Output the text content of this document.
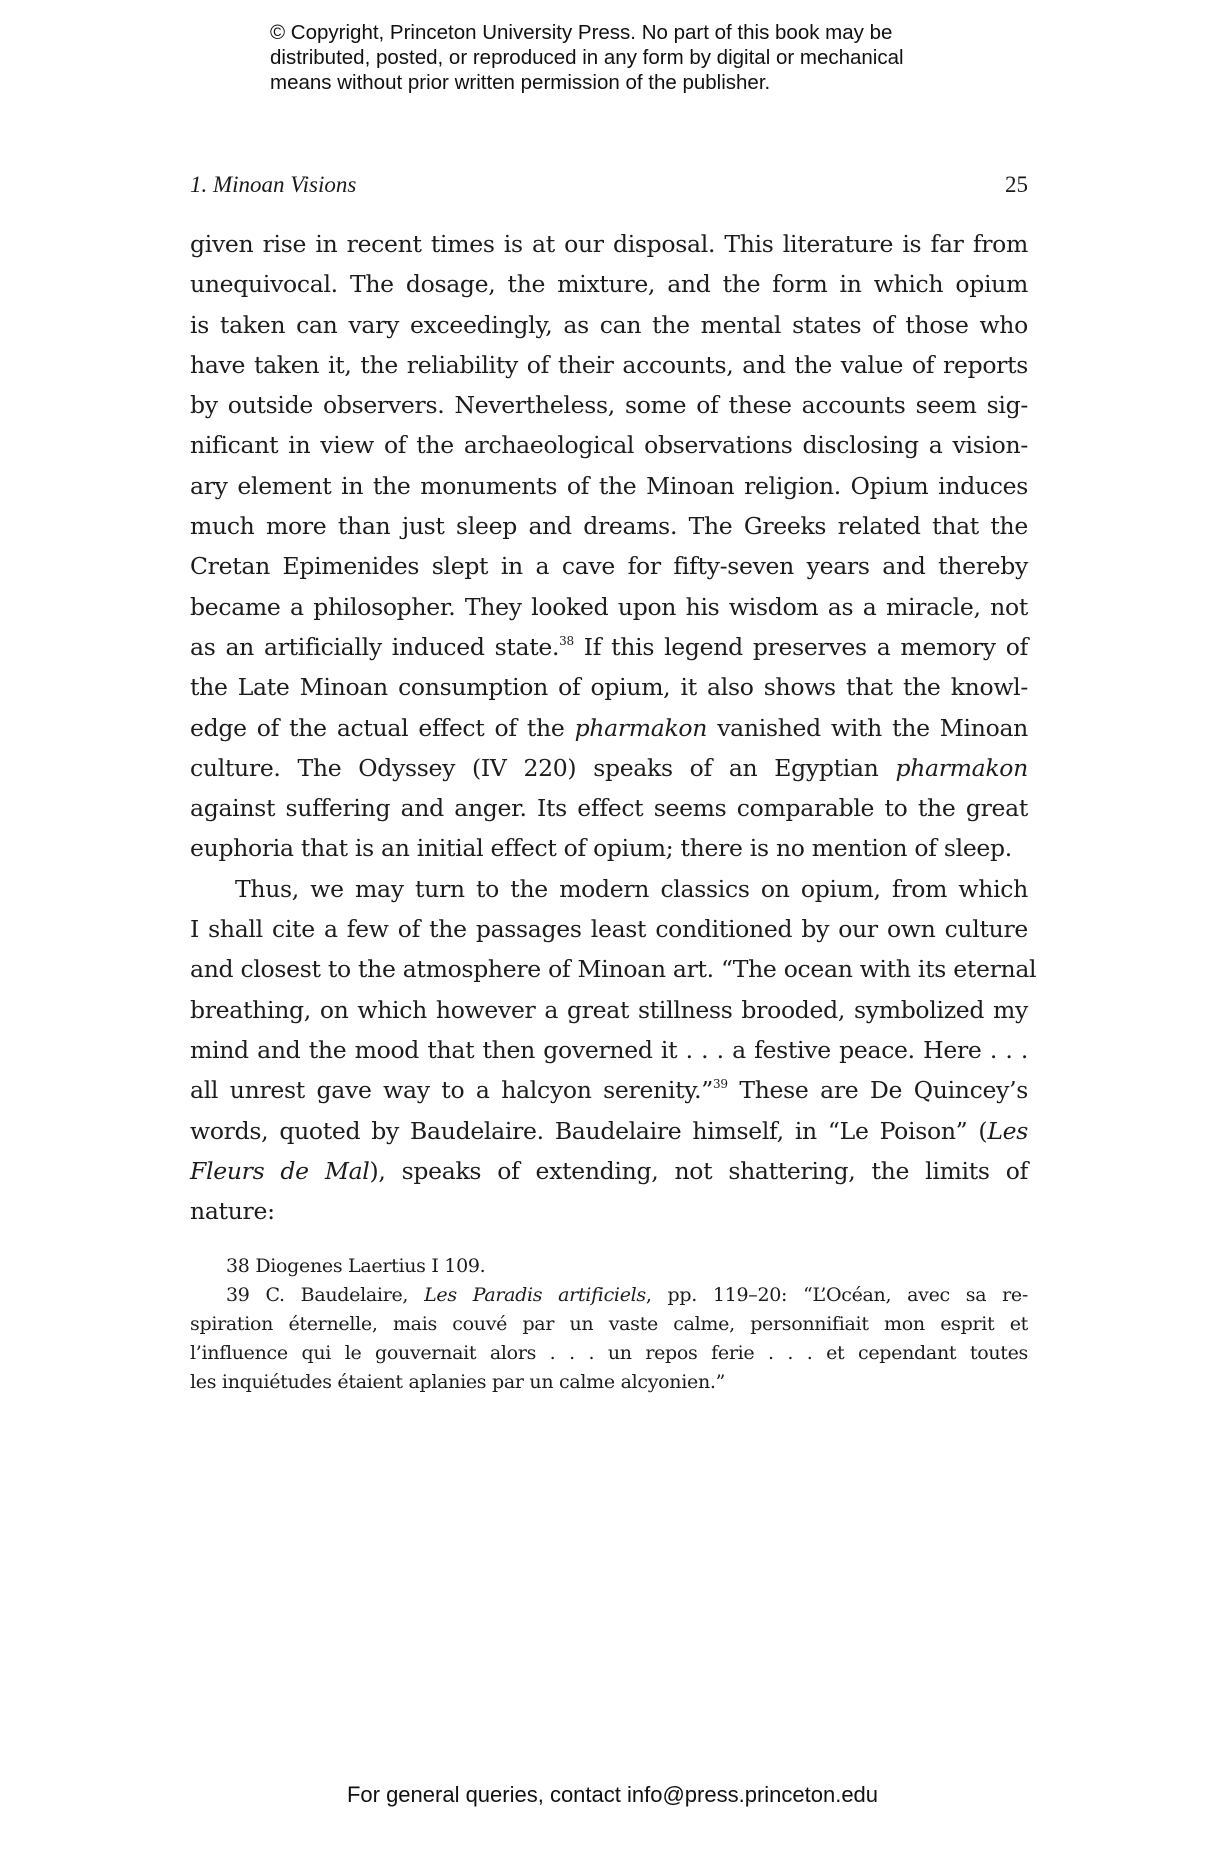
© Copyright, Princeton University Press. No part of this book may be
distributed, posted, or reproduced in any form by digital or mechanical
means without prior written permission of the publisher.
1. Minoan Visions	25
given rise in recent times is at our disposal. This literature is far from
unequivocal. The dosage, the mixture, and the form in which opium
is taken can vary exceedingly, as can the mental states of those who
have taken it, the reliability of their accounts, and the value of reports
by outside observers. Nevertheless, some of these accounts seem sig-
nificant in view of the archaeological observations disclosing a vision-
ary element in the monuments of the Minoan religion. Opium induces
much more than just sleep and dreams. The Greeks related that the
Cretan Epimenides slept in a cave for fifty-seven years and thereby
became a philosopher. They looked upon his wisdom as a miracle, not
as an artificially induced state.$^{38}$ If this legend preserves a memory of
the Late Minoan consumption of opium, it also shows that the knowl-
edge of the actual effect of the pharmakon vanished with the Minoan
culture. The Odyssey (IV 220) speaks of an Egyptian pharmakon
against suffering and anger. Its effect seems comparable to the great
euphoria that is an initial effect of opium; there is no mention of sleep.
Thus, we may turn to the modern classics on opium, from which
I shall cite a few of the passages least conditioned by our own culture
and closest to the atmosphere of Minoan art. “The ocean with its eternal
breathing, on which however a great stillness brooded, symbolized my
mind and the mood that then governed it . . . a festive peace. Here . . .
all unrest gave way to a halcyon serenity.”$^{39}$ These are De Quincey’s
words, quoted by Baudelaire. Baudelaire himself, in “Le Poison” (Les
Fleurs de Mal), speaks of extending, not shattering, the limits of
nature:
38 Diogenes Laertius I 109.
39 C. Baudelaire, Les Paradis artificiels, pp. 119–20: “L’Océan, avec sa re-
spiration éternelle, mais couvé par un vaste calme, personnifiait mon esprit et
l’influence qui le gouvernait alors . . . un repos ferie . . . et cependant toutes
les inquiétudes étaient aplanies par un calme alcyonien.”
For general queries, contact info@press.princeton.edu
